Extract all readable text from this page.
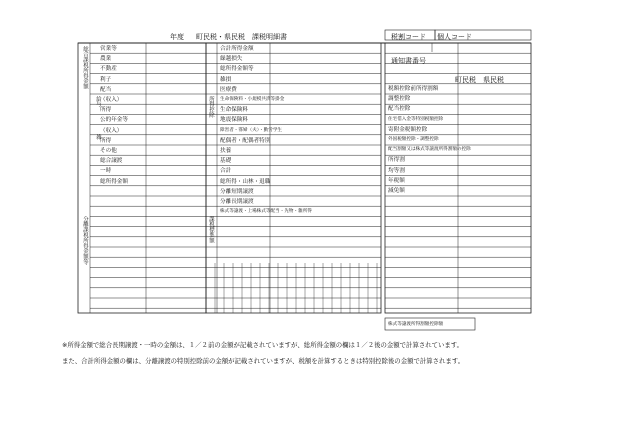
年度 町民税・県民税　課税明細書	税割コード 個人コード
総合課税所得金額
分離課税所得金額等
給与
雑
営業等
農業
不動産
利子
配当
（収入）
所得
公的年金等
（収入）
所得
その他
総合譲渡
一時
総所得金額
所得控除
課税標準額
合計所得金額
繰越損失
総所得金額等
雑損
医療費
生命保険料・小規模共済等掛金
生命保険料
地震保険料
障害者・寡婦（夫）・勤労学生
配偶者・配偶者特別
扶養
基礎
合計
総所得・山林・退職
分離短期譲渡
分離長期譲渡
株式等譲渡・上場株式等配当・先物・雑所得
通知書番号
町民税　県民税
税額控除前所得割額
調整控除
配当控除
住宅借入金等特別税額控除
寄附金税額控除
外国税額控除・調整控除
配当割額又は株式等譲渡所得割額の控除
所得割
均等割
年税額
減免額
株式等譲渡所得割額控除額
※所得金額で総合長期譲渡・一時の金額は、１／２前の金額が記載されていますが、総所得金額の欄は１／２後の金額で計算されています。
また、合計所得金額の欄は、分離譲渡の特別控除前の金額が記載されていますが、税額を計算するときは特別控除後の金額で計算されます。
